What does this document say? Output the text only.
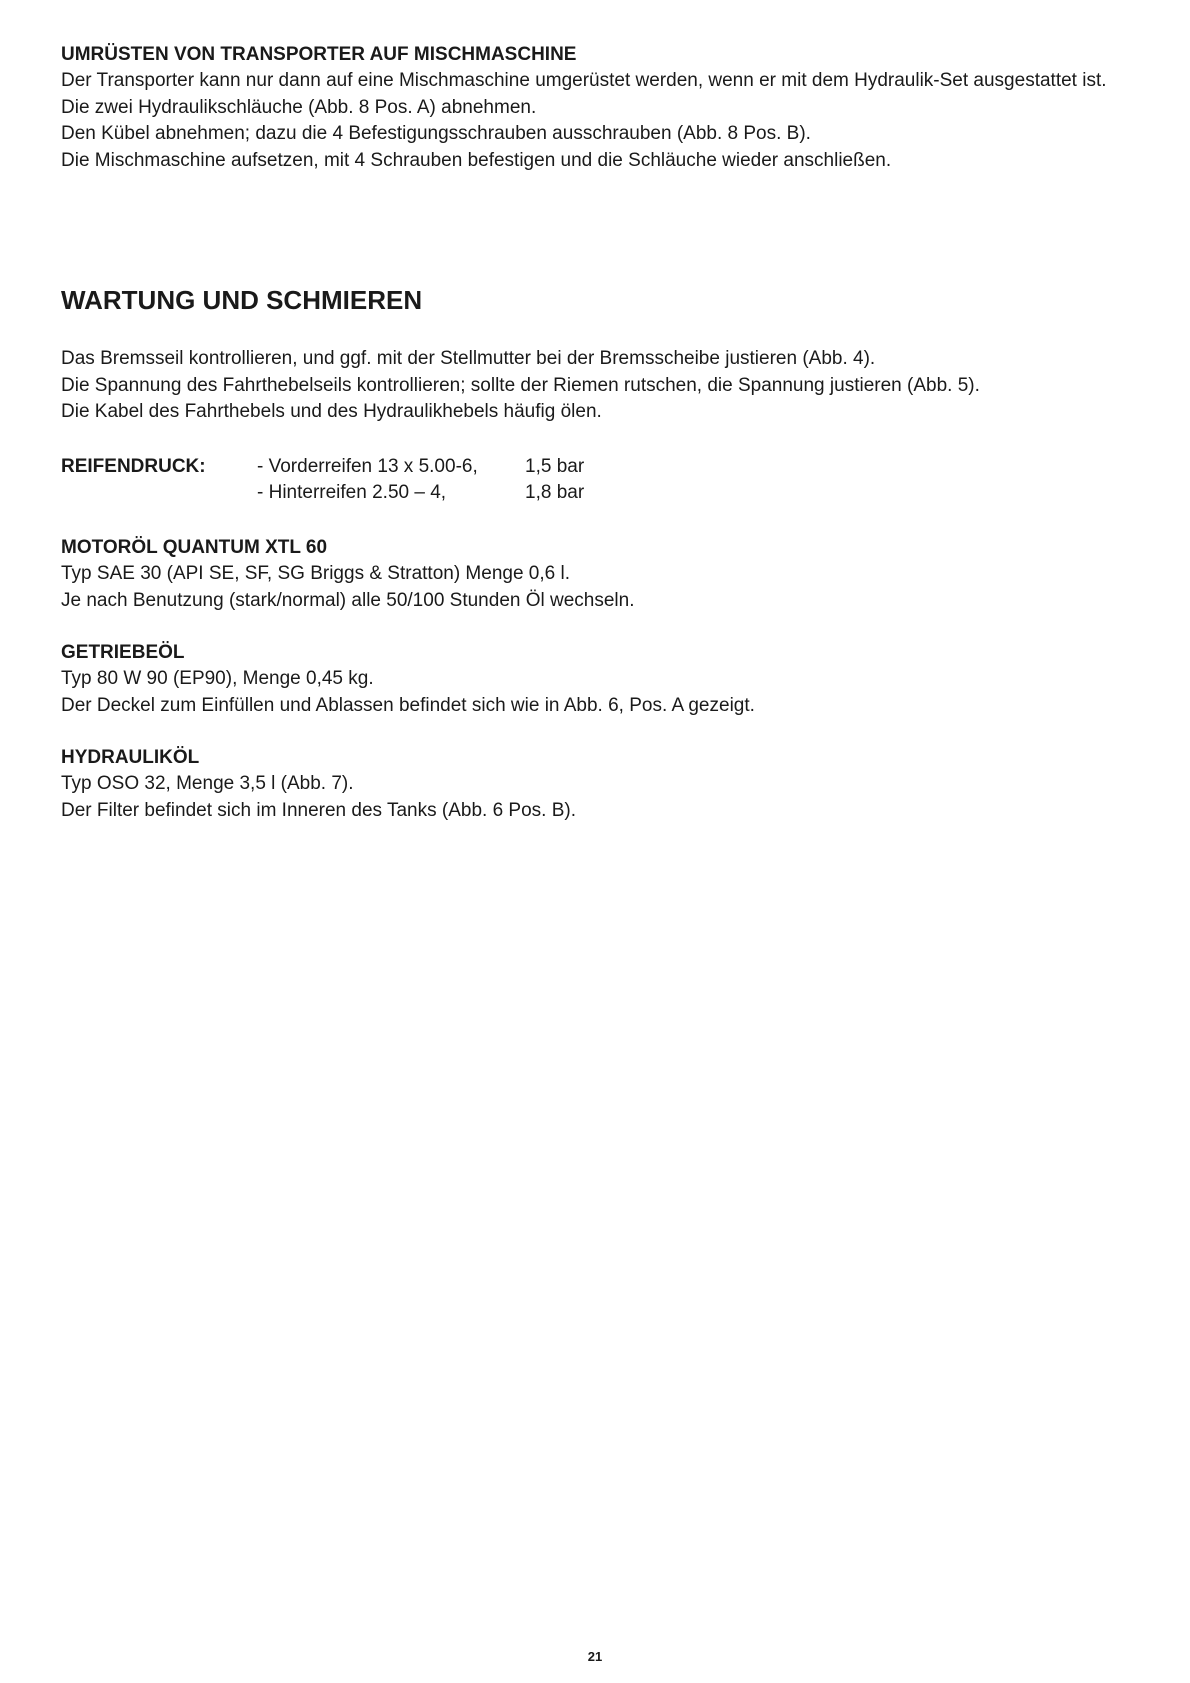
UMRÜSTEN VON TRANSPORTER AUF MISCHMASCHINE

Der Transporter kann nur dann auf eine Mischmaschine umgerüstet werden, wenn er mit dem Hydraulik-Set ausgestattet ist.

Die zwei Hydraulikschläuche (Abb. 8 Pos. A) abnehmen.

Den Kübel abnehmen; dazu die 4 Befestigungsschrauben ausschrauben (Abb. 8 Pos. B).

Die Mischmaschine aufsetzen, mit 4 Schrauben befestigen und die Schläuche wieder anschließen.

WARTUNG UND SCHMIEREN

Das Bremsseil kontrollieren, und ggf. mit der Stellmutter bei der Bremsscheibe justieren (Abb. 4).

Die Spannung des Fahrthebelseils kontrollieren; sollte der Riemen rutschen, die Spannung justieren (Abb. 5).

Die Kabel des Fahrthebels und des Hydraulikhebels häufig ölen.

REIFENDRUCK:	- Vorderreifen 13 x 5.00-6, 1,5 bar
- Hinterreifen 2.50 – 4,	1,8 bar

MOTORÖL QUANTUM XTL 60

Typ SAE 30 (API SE, SF, SG Briggs & Stratton) Menge 0,6 l.

Je nach Benutzung (stark/normal) alle 50/100 Stunden Öl wechseln.

GETRIEBEÖL

Typ 80 W 90 (EP90), Menge 0,45 kg.

Der Deckel zum Einfüllen und Ablassen befindet sich wie in Abb. 6, Pos. A gezeigt.

HYDRAULIKÖL

Typ OSO 32, Menge 3,5 l (Abb. 7).

Der Filter befindet sich im Inneren des Tanks (Abb. 6 Pos. B).

21
